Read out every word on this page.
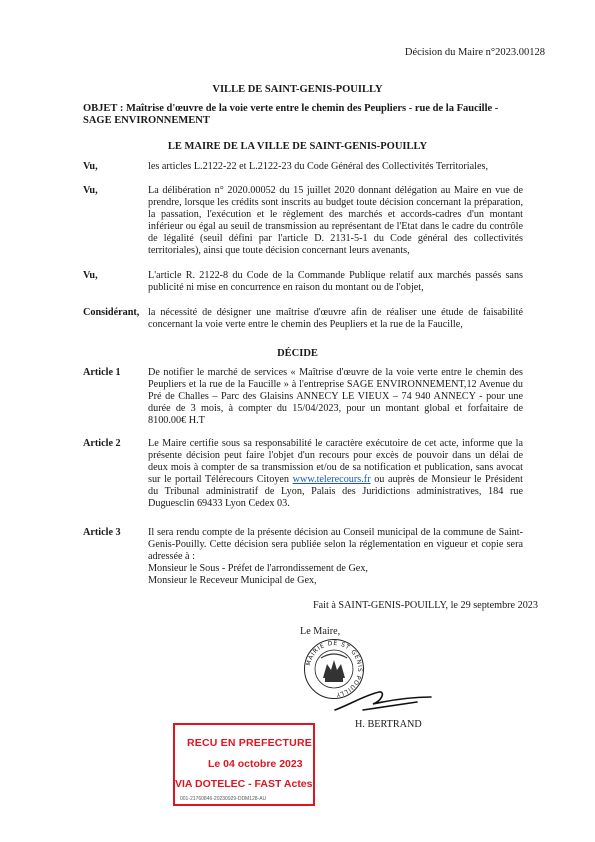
Décision du Maire n°2023.00128
VILLE DE SAINT-GENIS-POUILLY
OBJET : Maîtrise d'œuvre de la voie verte entre le chemin des Peupliers - rue de la Faucille - SAGE ENVIRONNEMENT
LE MAIRE DE LA VILLE DE SAINT-GENIS-POUILLY
Vu,	les articles L.2122-22 et L.2122-23 du Code Général des Collectivités Territoriales,
Vu,	La délibération n° 2020.00052 du 15 juillet 2020 donnant délégation au Maire en vue de prendre, lorsque les crédits sont inscrits au budget toute décision concernant la préparation, la passation, l'exécution et le règlement des marchés et accords-cadres d'un montant inférieur ou égal au seuil de transmission au représentant de l'Etat dans le cadre du contrôle de légalité (seuil défini par l'article D. 2131-5-1 du Code général des collectivités territoriales), ainsi que toute décision concernant leurs avenants,
Vu,	L'article R. 2122-8 du Code de la Commande Publique relatif aux marchés passés sans publicité ni mise en concurrence en raison du montant ou de l'objet,
Considérant, la nécessité de désigner une maîtrise d'œuvre afin de réaliser une étude de faisabilité concernant la voie verte entre le chemin des Peupliers et la rue de la Faucille,
DÉCIDE
Article 1	De notifier le marché de services « Maîtrise d'œuvre de la voie verte entre le chemin des Peupliers et la rue de la Faucille » à l'entreprise SAGE ENVIRONNEMENT,12 Avenue du Pré de Challes – Parc des Glaisins ANNECY LE VIEUX – 74 940 ANNECY - pour une durée de 3 mois, à compter du 15/04/2023, pour un montant global et forfaitaire de 8100.00€ H.T
Article 2	Le Maire certifie sous sa responsabilité le caractère exécutoire de cet acte, informe que la présente décision peut faire l'objet d'un recours pour excès de pouvoir dans un délai de deux mois à compter de sa transmission et/ou de sa notification et publication, sans avocat sur le portail Télérecours Citoyen www.telerecours.fr ou auprès de Monsieur le Président du Tribunal administratif de Lyon, Palais des Juridictions administratives, 184 rue Duguesclin 69433 Lyon Cedex 03.
Article 3	Il sera rendu compte de la présente décision au Conseil municipal de la commune de Saint-Genis-Pouilly. Cette décision sera publiée selon la réglementation en vigueur et copie sera adressée à :
Monsieur le Sous - Préfet de l'arrondissement de Gex,
Monsieur le Receveur Municipal de Gex,
Fait à SAINT-GENIS-POUILLY, le 29 septembre 2023
Le Maire,
MAIRIE DE ST GENIS POUILLY
H. BERTRAND
RECU EN PREFECTURE
Le 04 octobre 2023
VIA DOTELEC - FAST Actes
001-21760846-20230929-DDM128-AU
